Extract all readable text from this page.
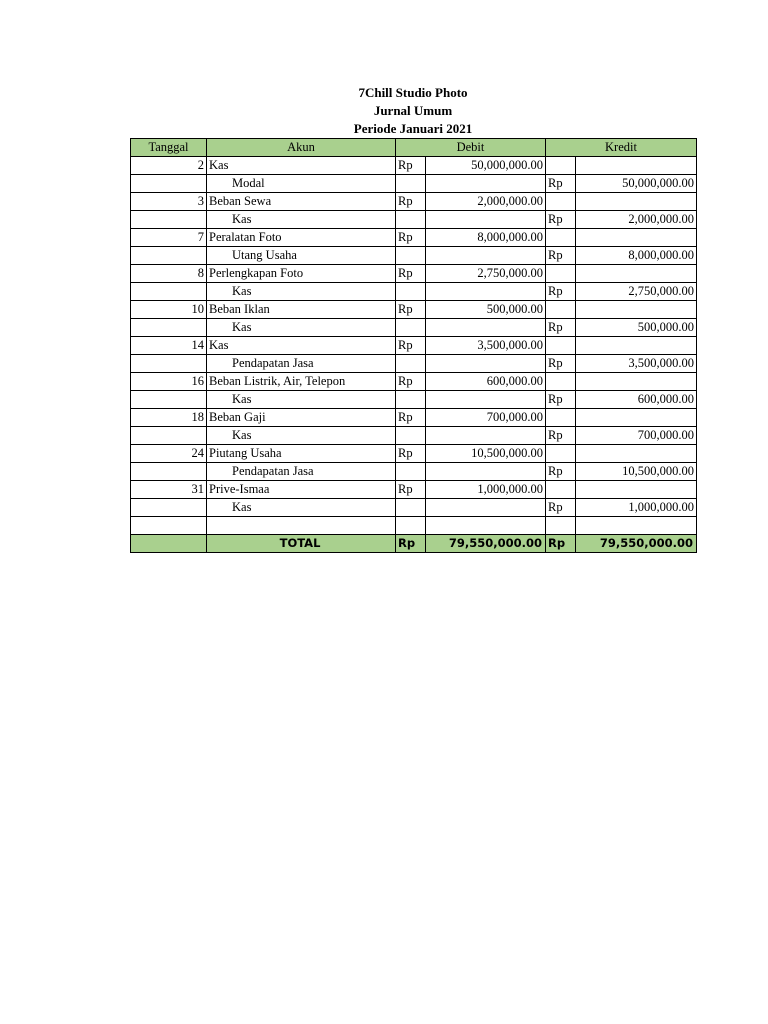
7Chill Studio Photo
Jurnal Umum
Periode Januari 2021
Tanggal	Akun	Debit		Kredit	
2	Kas	Rp	50,000,000.00		
	Modal			Rp	50,000,000.00
3	Beban Sewa	Rp	2,000,000.00		
	Kas			Rp	2,000,000.00
7	Peralatan Foto	Rp	8,000,000.00		
	Utang Usaha			Rp	8,000,000.00
8	Perlengkapan Foto	Rp	2,750,000.00		
	Kas			Rp	2,750,000.00
10	Beban Iklan	Rp	500,000.00		
	Kas			Rp	500,000.00
14	Kas	Rp	3,500,000.00		
	Pendapatan Jasa			Rp	3,500,000.00
16	Beban Listrik, Air, Telepon	Rp	600,000.00		
	Kas			Rp	600,000.00
18	Beban Gaji	Rp	700,000.00		
	Kas			Rp	700,000.00
24	Piutang Usaha	Rp	10,500,000.00		
	Pendapatan Jasa			Rp	10,500,000.00
31	Prive-Ismaa	Rp	1,000,000.00		
	Kas			Rp	1,000,000.00

	TOTAL	Rp	79,550,000.00	Rp	79,550,000.00
